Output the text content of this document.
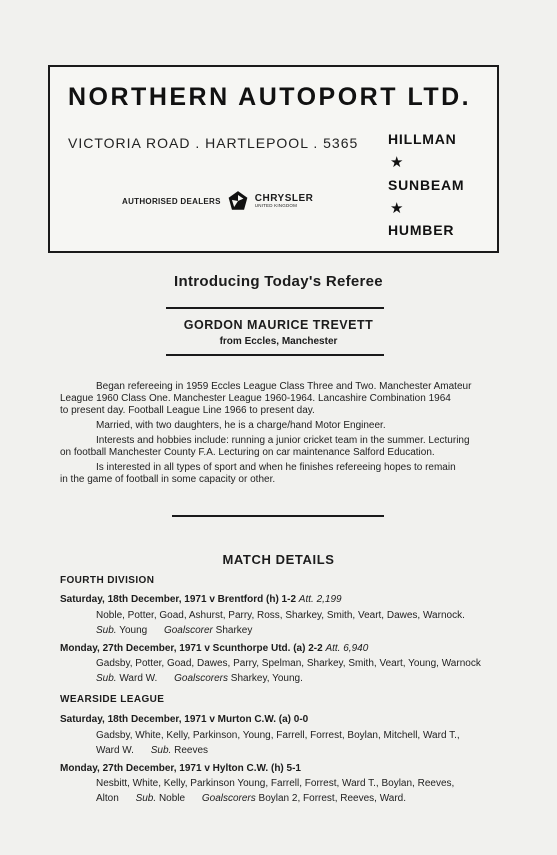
NORTHERN AUTOPORT LTD.
VICTORIA ROAD . HARTLEPOOL . 5365
AUTHORISED DEALERS	CHRYSLER
UNITED KINGDOM
HILLMAN
★
SUNBEAM
★
HUMBER
Introducing Today's Referee
GORDON MAURICE TREVETT
from Eccles, Manchester
Began refereeing in 1959 Eccles League Class Three and Two. Manchester Amateur
League 1960 Class One. Manchester League 1960-1964. Lancashire Combination 1964
to present day. Football League Line 1966 to present day.
Married, with two daughters, he is a charge/hand Motor Engineer.
Interests and hobbies include: running a junior cricket team in the summer. Lecturing
on football Manchester County F.A. Lecturing on car maintenance Salford Education.
Is interested in all types of sport and when he finishes refereeing hopes to remain
in the game of football in some capacity or other.
MATCH DETAILS
FOURTH DIVISION
Saturday, 18th December, 1971 v Brentford (h) 1-2 Att. 2,199
Noble, Potter, Goad, Ashurst, Parry, Ross, Sharkey, Smith, Veart, Dawes, Warnock.
Sub. Young Goalscorer Sharkey
Monday, 27th December, 1971 v Scunthorpe Utd. (a) 2-2 Att. 6,940
Gadsby, Potter, Goad, Dawes, Parry, Spelman, Sharkey, Smith, Veart, Young, Warnock
Sub. Ward W. Goalscorers Sharkey, Young.
WEARSIDE LEAGUE
Saturday, 18th December, 1971 v Murton C.W. (a) 0-0
Gadsby, White, Kelly, Parkinson, Young, Farrell, Forrest, Boylan, Mitchell, Ward T.,
Ward W. Sub. Reeves
Monday, 27th December, 1971 v Hylton C.W. (h) 5-1
Nesbitt, White, Kelly, Parkinson Young, Farrell, Forrest, Ward T., Boylan, Reeves,
Alton Sub. Noble Goalscorers Boylan 2, Forrest, Reeves, Ward.
